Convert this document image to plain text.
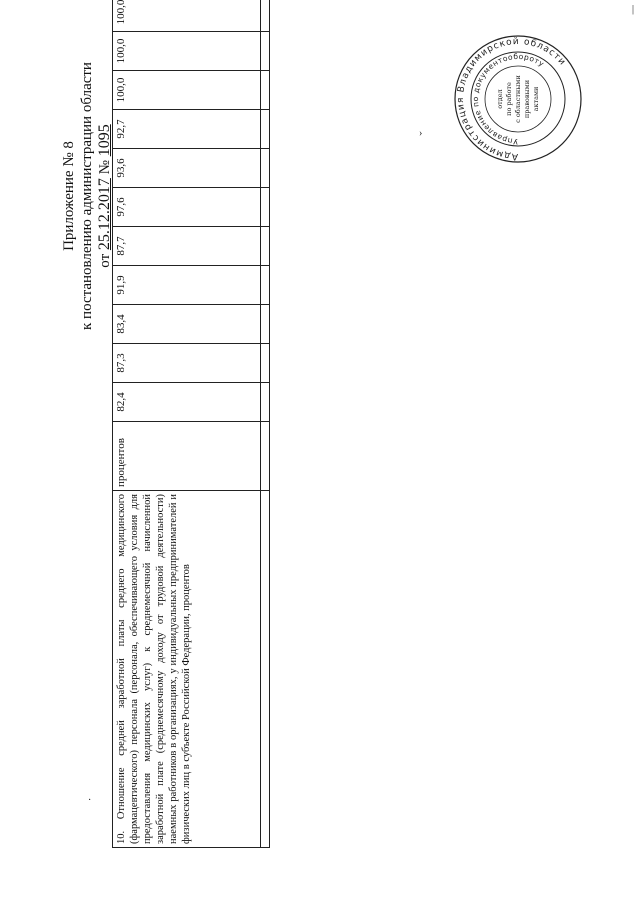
Приложение № 8 к постановлению администрации области от 25.12.2017 № 1095
10. Отношение средней заработной платы среднего медицинского (фармацевтического) персонала (персонала, обеспечивающего условия для предоставления медицинских услуг) к среднемесячной начисленной заработной плате (среднемесячному доходу от трудовой деятельности) наемных работников в организациях, у индивидуальных предпринимателей и физических лиц в субъекте Российской Федерации, процентов	процентов	82,4	87,3	83,4	91,9	87,7	97,6	93,6	92,7	100,0	100,0	100,0

Администрация Владимирской области
Управление по документообороту
отдел по работе с областными правовыми актами
·
›
|
